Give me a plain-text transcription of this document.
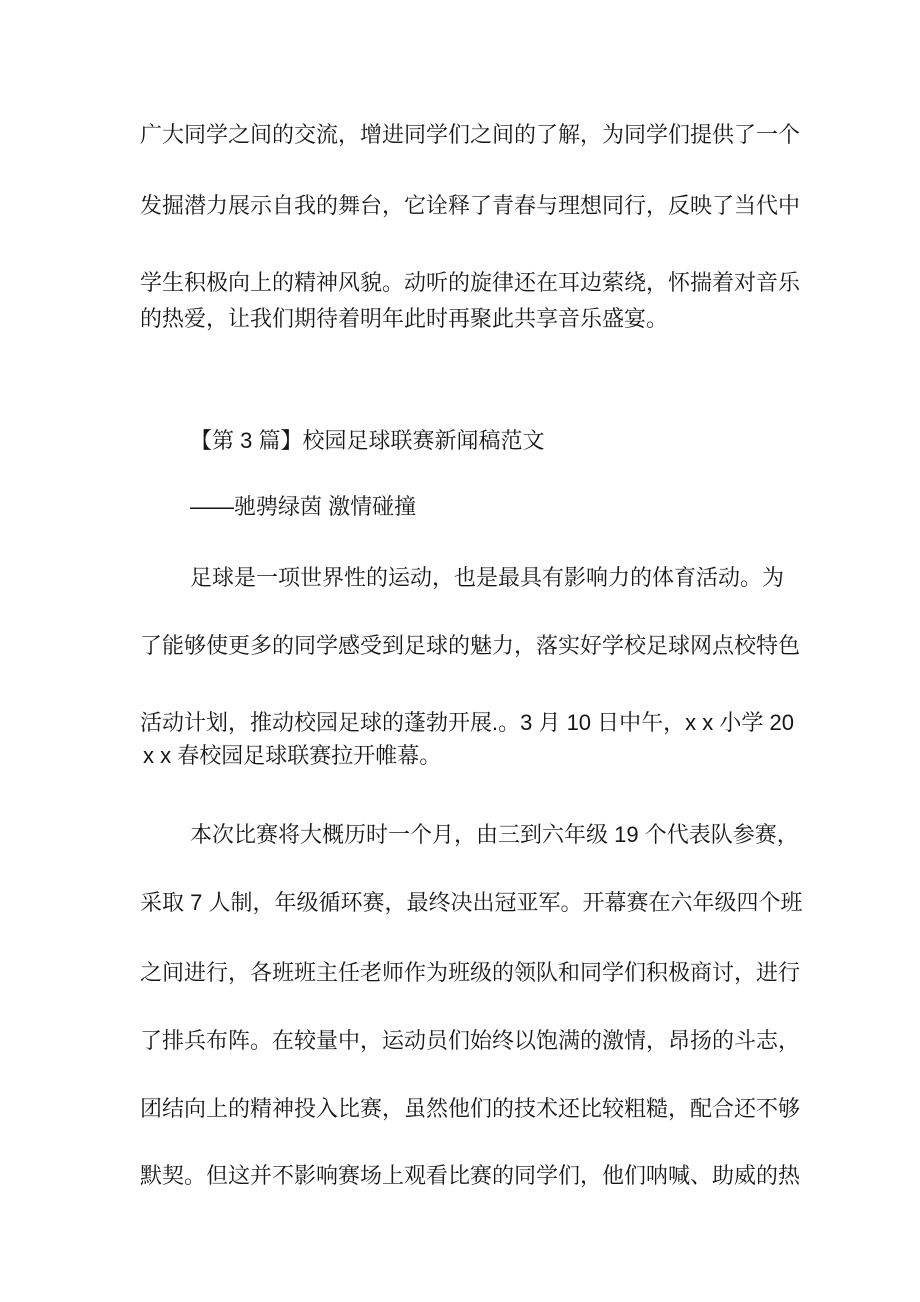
广大同学之间的交流，增进同学们之间的了解，为同学们提供了一个
发掘潜力展示自我的舞台，它诠释了青春与理想同行，反映了当代中
学生积极向上的精神风貌。动听的旋律还在耳边萦绕，怀揣着对音乐
的热爱，让我们期待着明年此时再聚此共享音乐盛宴。
【第 3 篇】校园足球联赛新闻稿范文
——驰骋绿茵 激情碰撞
足球是一项世界性的运动，也是最具有影响力的体育活动。为
了能够使更多的同学感受到足球的魅力，落实好学校足球网点校特色
活动计划，推动校园足球的蓬勃开展.。3 月 10 日中午，x x 小学 20
x x 春校园足球联赛拉开帷幕。
本次比赛将大概历时一个月，由三到六年级 19 个代表队参赛，
采取 7 人制，年级循环赛，最终决出冠亚军。开幕赛在六年级四个班
之间进行，各班班主任老师作为班级的领队和同学们积极商讨，进行
了排兵布阵。在较量中，运动员们始终以饱满的激情，昂扬的斗志，
团结向上的精神投入比赛，虽然他们的技术还比较粗糙，配合还不够
默契。但这并不影响赛场上观看比赛的同学们，他们呐喊、助威的热
